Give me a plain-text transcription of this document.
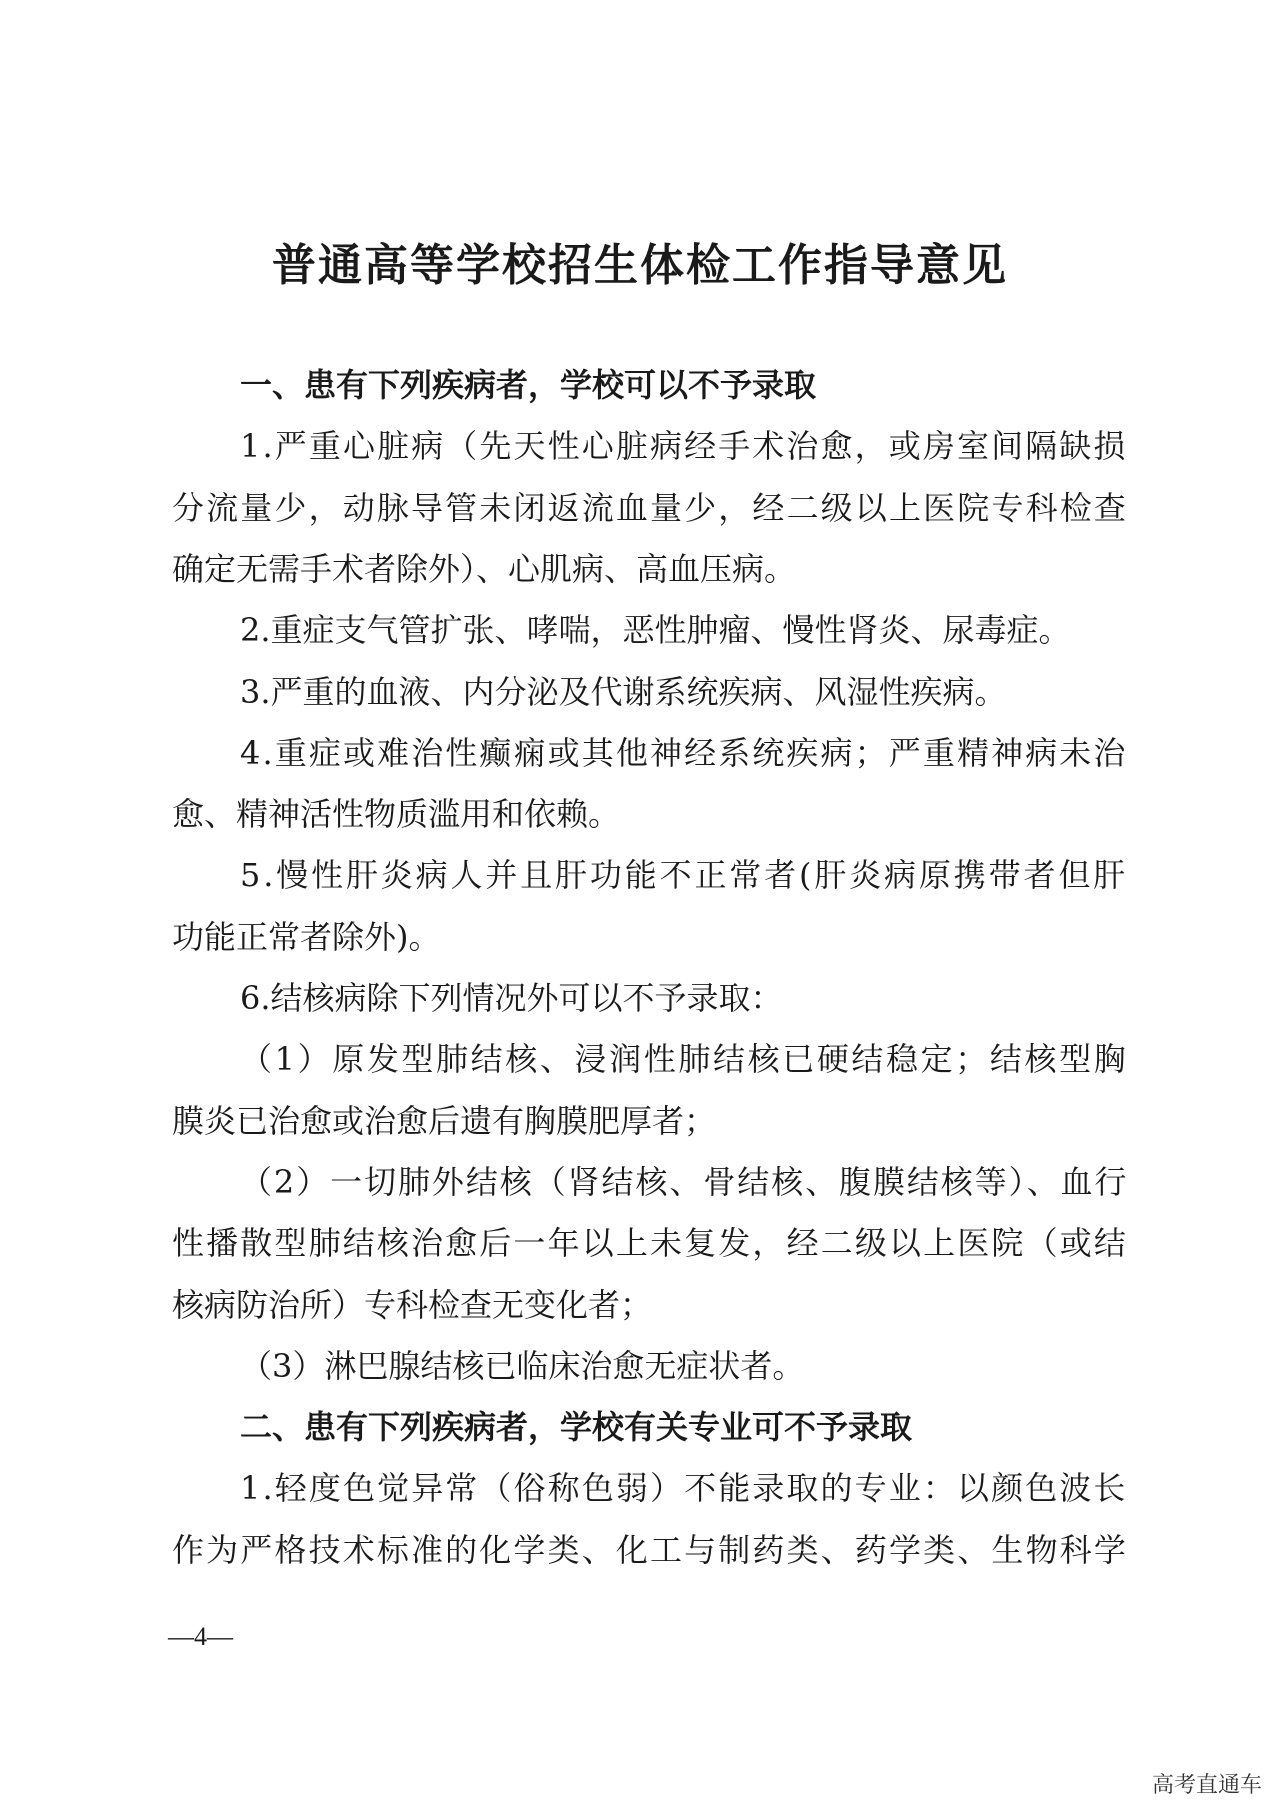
普通高等学校招生体检工作指导意见
一、患有下列疾病者，学校可以不予录取
1.严重心脏病（先天性心脏病经手术治愈，或房室间隔缺损
分流量少，动脉导管未闭返流血量少，经二级以上医院专科检查
确定无需手术者除外）、心肌病、高血压病。
2.重症支气管扩张、哮喘，恶性肿瘤、慢性肾炎、尿毒症。
3.严重的血液、内分泌及代谢系统疾病、风湿性疾病。
4.重症或难治性癫痫或其他神经系统疾病；严重精神病未治
愈、精神活性物质滥用和依赖。
5.慢性肝炎病人并且肝功能不正常者(肝炎病原携带者但肝
功能正常者除外)。
6.结核病除下列情况外可以不予录取：
（1）原发型肺结核、浸润性肺结核已硬结稳定；结核型胸
膜炎已治愈或治愈后遗有胸膜肥厚者；
（2）一切肺外结核（肾结核、骨结核、腹膜结核等）、血行
性播散型肺结核治愈后一年以上未复发，经二级以上医院（或结
核病防治所）专科检查无变化者；
（3）淋巴腺结核已临床治愈无症状者。
二、患有下列疾病者，学校有关专业可不予录取
1.轻度色觉异常（俗称色弱）不能录取的专业：以颜色波长
作为严格技术标准的化学类、化工与制药类、药学类、生物科学
—4—
高考直通车
